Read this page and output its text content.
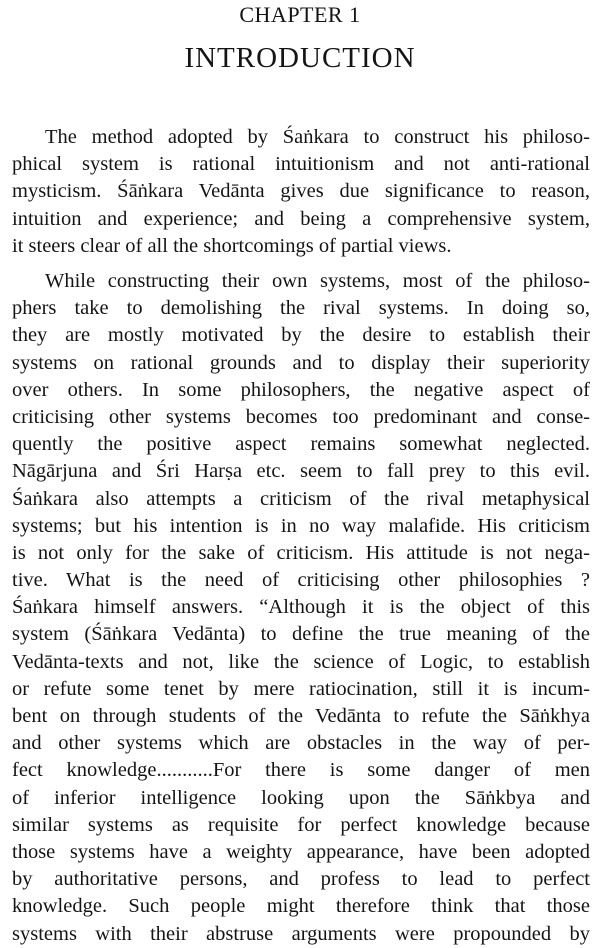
CHAPTER 1
INTRODUCTION
The method adopted by Śaṅkara to construct his philoso-
phical system is rational intuitionism and not anti-rational
mysticism. Śāṅkara Vedānta gives due significance to reason,
intuition and experience; and being a comprehensive system,
it steers clear of all the shortcomings of partial views.
While constructing their own systems, most of the philoso-
phers take to demolishing the rival systems. In doing so,
they are mostly motivated by the desire to establish their
systems on rational grounds and to display their superiority
over others. In some philosophers, the negative aspect of
criticising other systems becomes too predominant and conse-
quently the positive aspect remains somewhat neglected.
Nāgārjuna and Śri Harṣa etc. seem to fall prey to this evil.
Śaṅkara also attempts a criticism of the rival metaphysical
systems; but his intention is in no way malafide. His criticism
is not only for the sake of criticism. His attitude is not nega-
tive. What is the need of criticising other philosophies ?
Śaṅkara himself answers. “Although it is the object of this
system (Śāṅkara Vedānta) to define the true meaning of the
Vedānta-texts and not, like the science of Logic, to establish
or refute some tenet by mere ratiocination, still it is incum-
bent on through students of the Vedānta to refute the Sāṅkhya
and other systems which are obstacles in the way of per-
fect knowledge...........For there is some danger of men
of inferior intelligence looking upon the Sāṅkbya and
similar systems as requisite for perfect knowledge because
those systems have a weighty appearance, have been adopted
by authoritative persons, and profess to lead to perfect
knowledge. Such people might therefore think that those
systems with their abstruse arguments were propounded by
